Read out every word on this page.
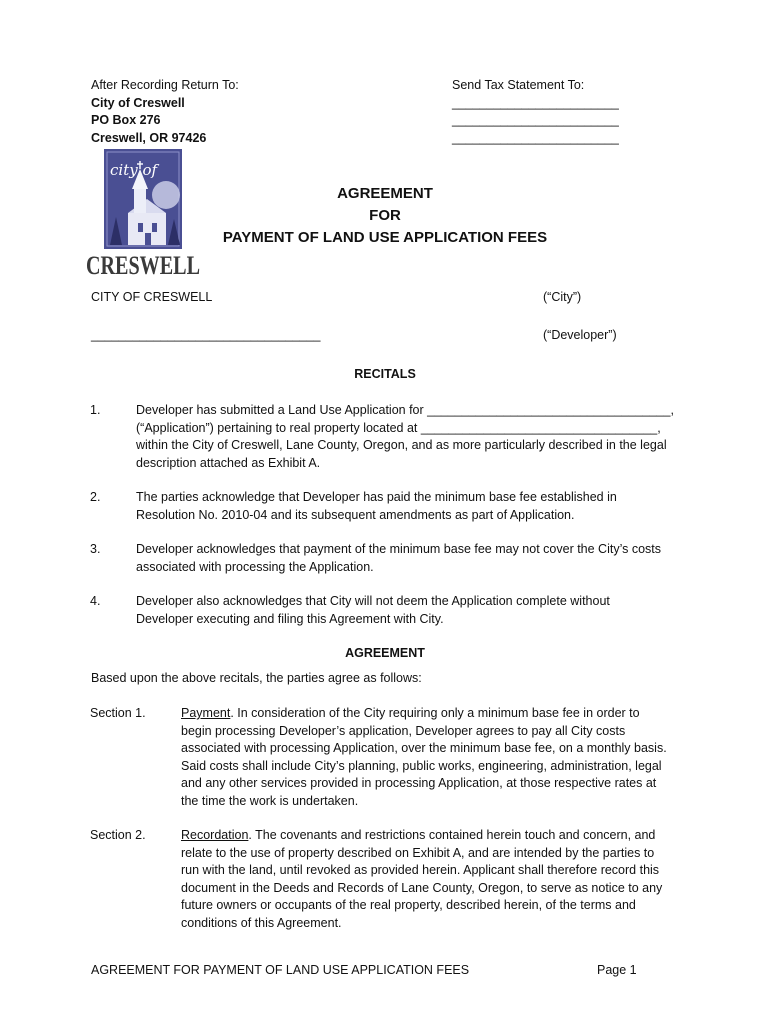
After Recording Return To:
City of Creswell
PO Box 276
Creswell, OR 97426
Send Tax Statement To:
________________________
________________________
________________________
city of
CRESWELL
AGREEMENT
FOR
PAYMENT OF LAND USE APPLICATION FEES
CITY OF CRESWELL	(“City”)
_________________________________	(“Developer”)
RECITALS
1.	Developer has submitted a Land Use Application for ___________________________________,
(“Application”) pertaining to real property located at __________________________________,
within the City of Creswell, Lane County, Oregon, and as more particularly described in the legal
description attached as Exhibit A.
2.	The parties acknowledge that Developer has paid the minimum base fee established in
Resolution No. 2010-04 and its subsequent amendments as part of Application.
3.	Developer acknowledges that payment of the minimum base fee may not cover the City’s costs
associated with processing the Application.
4.	Developer also acknowledges that City will not deem the Application complete without
Developer executing and filing this Agreement with City.
AGREEMENT
Based upon the above recitals, the parties agree as follows:
Section 1.	Payment. In consideration of the City requiring only a minimum base fee in order to
begin processing Developer’s application, Developer agrees to pay all City costs
associated with processing Application, over the minimum base fee, on a monthly basis.
Said costs shall include City’s planning, public works, engineering, administration, legal
and any other services provided in processing Application, at those respective rates at
the time the work is undertaken.
Section 2.	Recordation. The covenants and restrictions contained herein touch and concern, and
relate to the use of property described on Exhibit A, and are intended by the parties to
run with the land, until revoked as provided herein. Applicant shall therefore record this
document in the Deeds and Records of Lane County, Oregon, to serve as notice to any
future owners or occupants of the real property, described herein, of the terms and
conditions of this Agreement.
AGREEMENT FOR PAYMENT OF LAND USE APPLICATION FEES	Page 1
